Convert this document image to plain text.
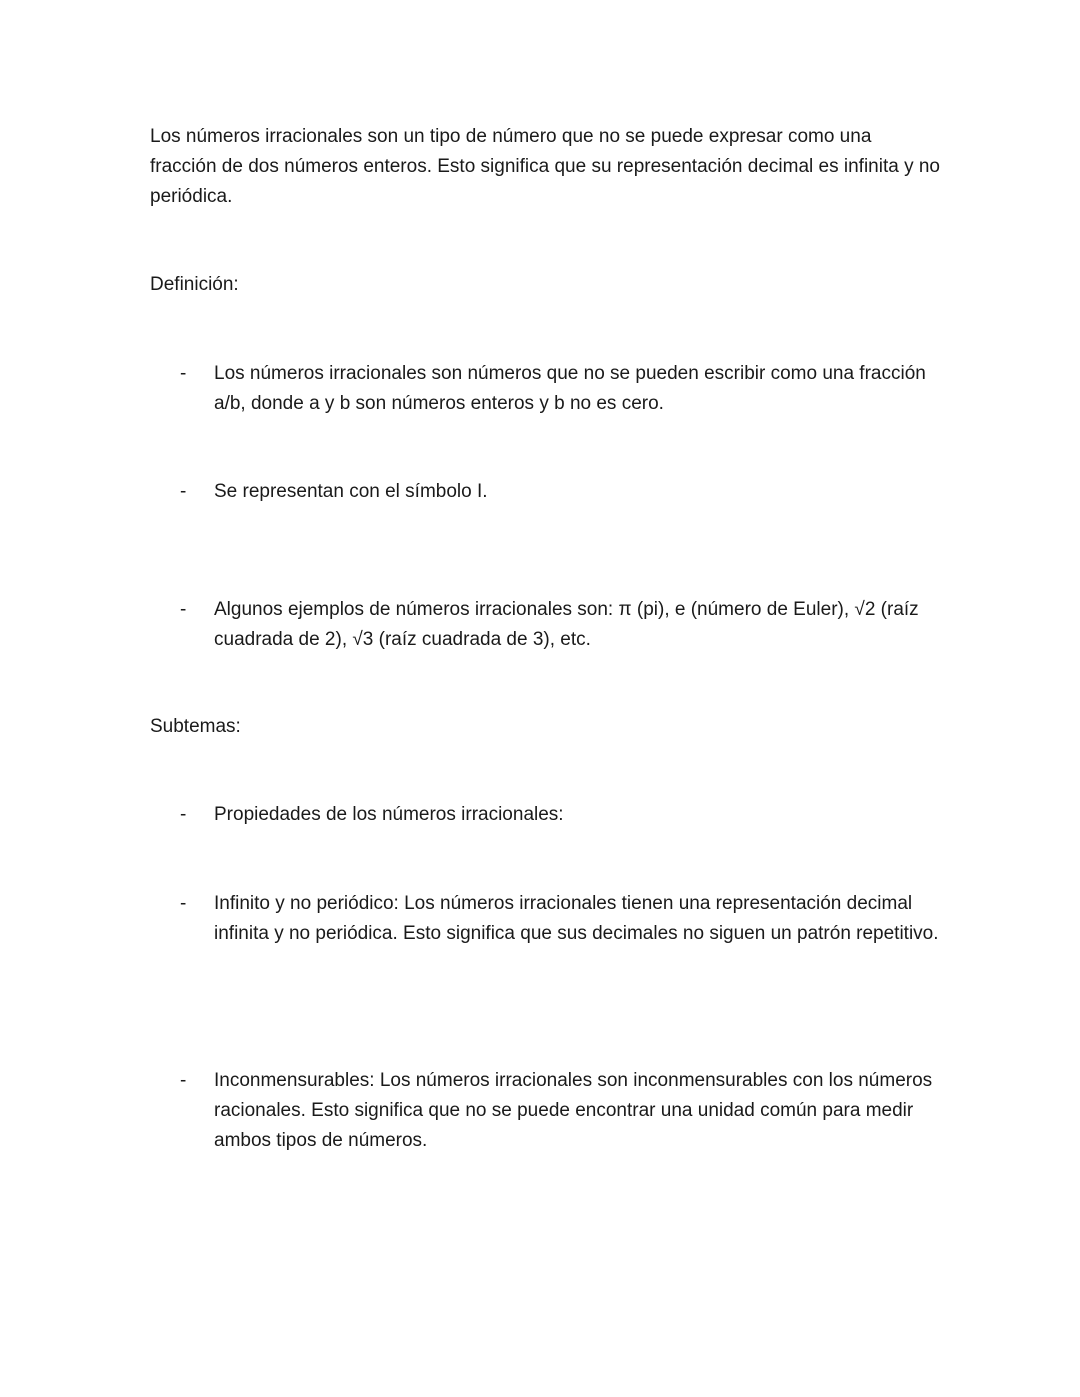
Los números irracionales son un tipo de número que no se puede expresar como una fracción de dos números enteros. Esto significa que su representación decimal es infinita y no periódica.

Definición:

-	Los números irracionales son números que no se pueden escribir como una fracción a/b, donde a y b son números enteros y b no es cero.
-	Se representan con el símbolo I.
-	Algunos ejemplos de números irracionales son: π (pi), e (número de Euler), √2 (raíz cuadrada de 2), √3 (raíz cuadrada de 3), etc.

Subtemas:

-	Propiedades de los números irracionales:
-	Infinito y no periódico: Los números irracionales tienen una representación decimal infinita y no periódica. Esto significa que sus decimales no siguen un patrón repetitivo.
-	Inconmensurables: Los números irracionales son inconmensurables con los números racionales. Esto significa que no se puede encontrar una unidad común para medir ambos tipos de números.
